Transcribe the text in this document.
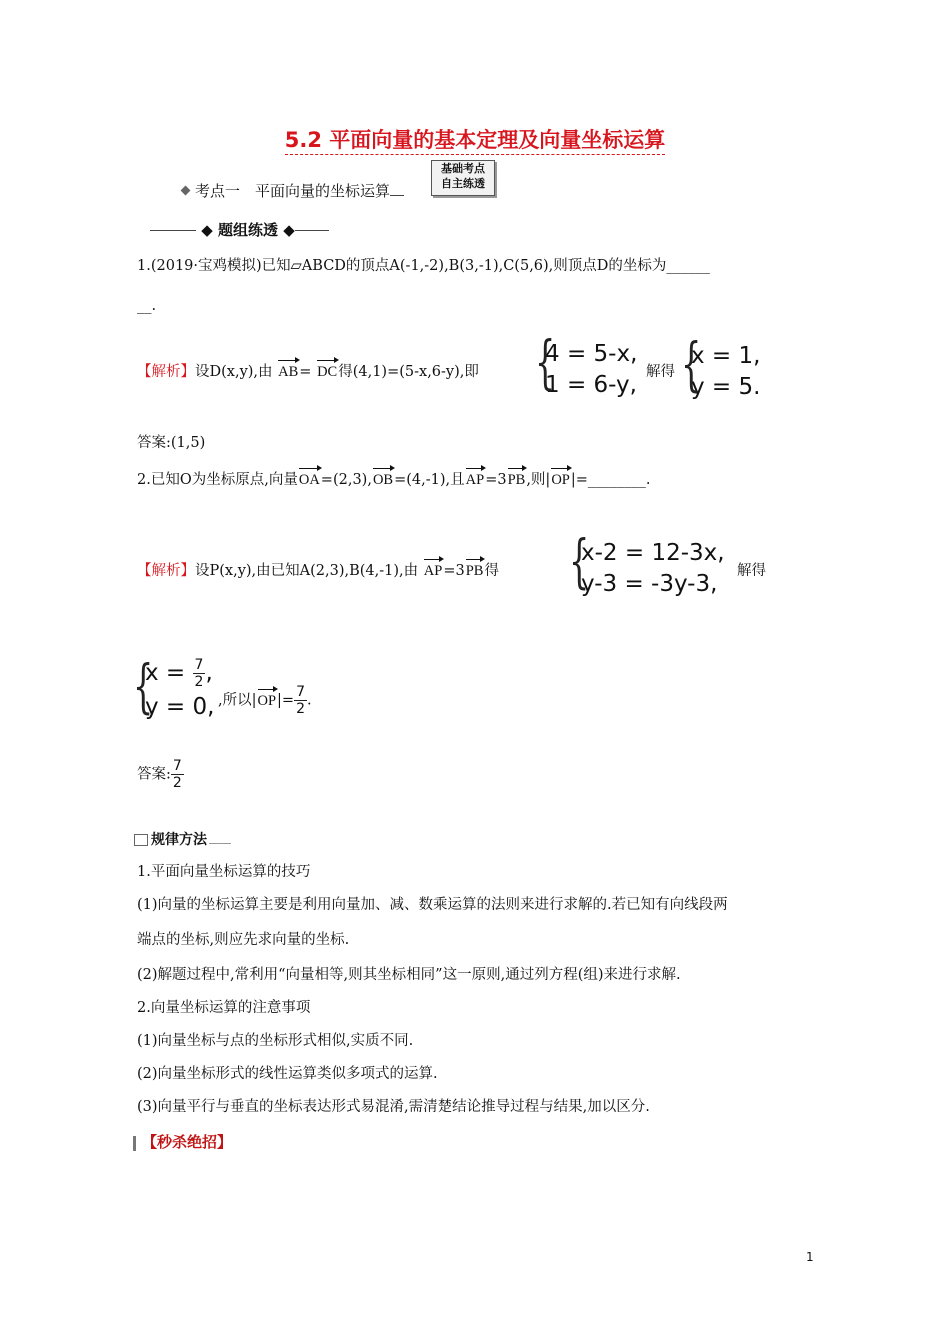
5.2 平面向量的基本定理及向量坐标运算
考点一　平面向量的坐标运算
基础考点
自主练透
◆ 题组练透 ◆
1.(2019·宝鸡模拟)已知▱ABCD的顶点A(-1,-2),B(3,-1),C(5,6),则顶点D的坐标为______
__.
【解析】设D(x,y),由 AB= DC得(4,1)=(5-x,6-y),即 {
4 = 5-x,
1 = 6-y, 解得 {
x = 1,
y = 5.
答案:(1,5)
2.已知O为坐标原点,向量OA=(2,3),OB=(4,-1),且AP=3PB,则|OP|=________.
【解析】设P(x,y),由已知A(2,3),B(4,-1),由 AP=3PB得 {
x-2 = 12-3x,
y-3 = -3y-3,	解得
{
$x = \frac{7}{2}$ ,
y = 0, ,所以$|OP|= \frac{7}{2}$ .
答案: $\frac{7}{2}$
规律方法
1.平面向量坐标运算的技巧
(1)向量的坐标运算主要是利用向量加、减、数乘运算的法则来进行求解的.若已知有向线段两
端点的坐标,则应先求向量的坐标.
(2)解题过程中,常利用“向量相等,则其坐标相同”这一原则,通过列方程(组)来进行求解.
2.向量坐标运算的注意事项
(1)向量坐标与点的坐标形式相似,实质不同.
(2)向量坐标形式的线性运算类似多项式的运算.
(3)向量平行与垂直的坐标表达形式易混淆,需清楚结论推导过程与结果,加以区分.
【秒杀绝招】
1
